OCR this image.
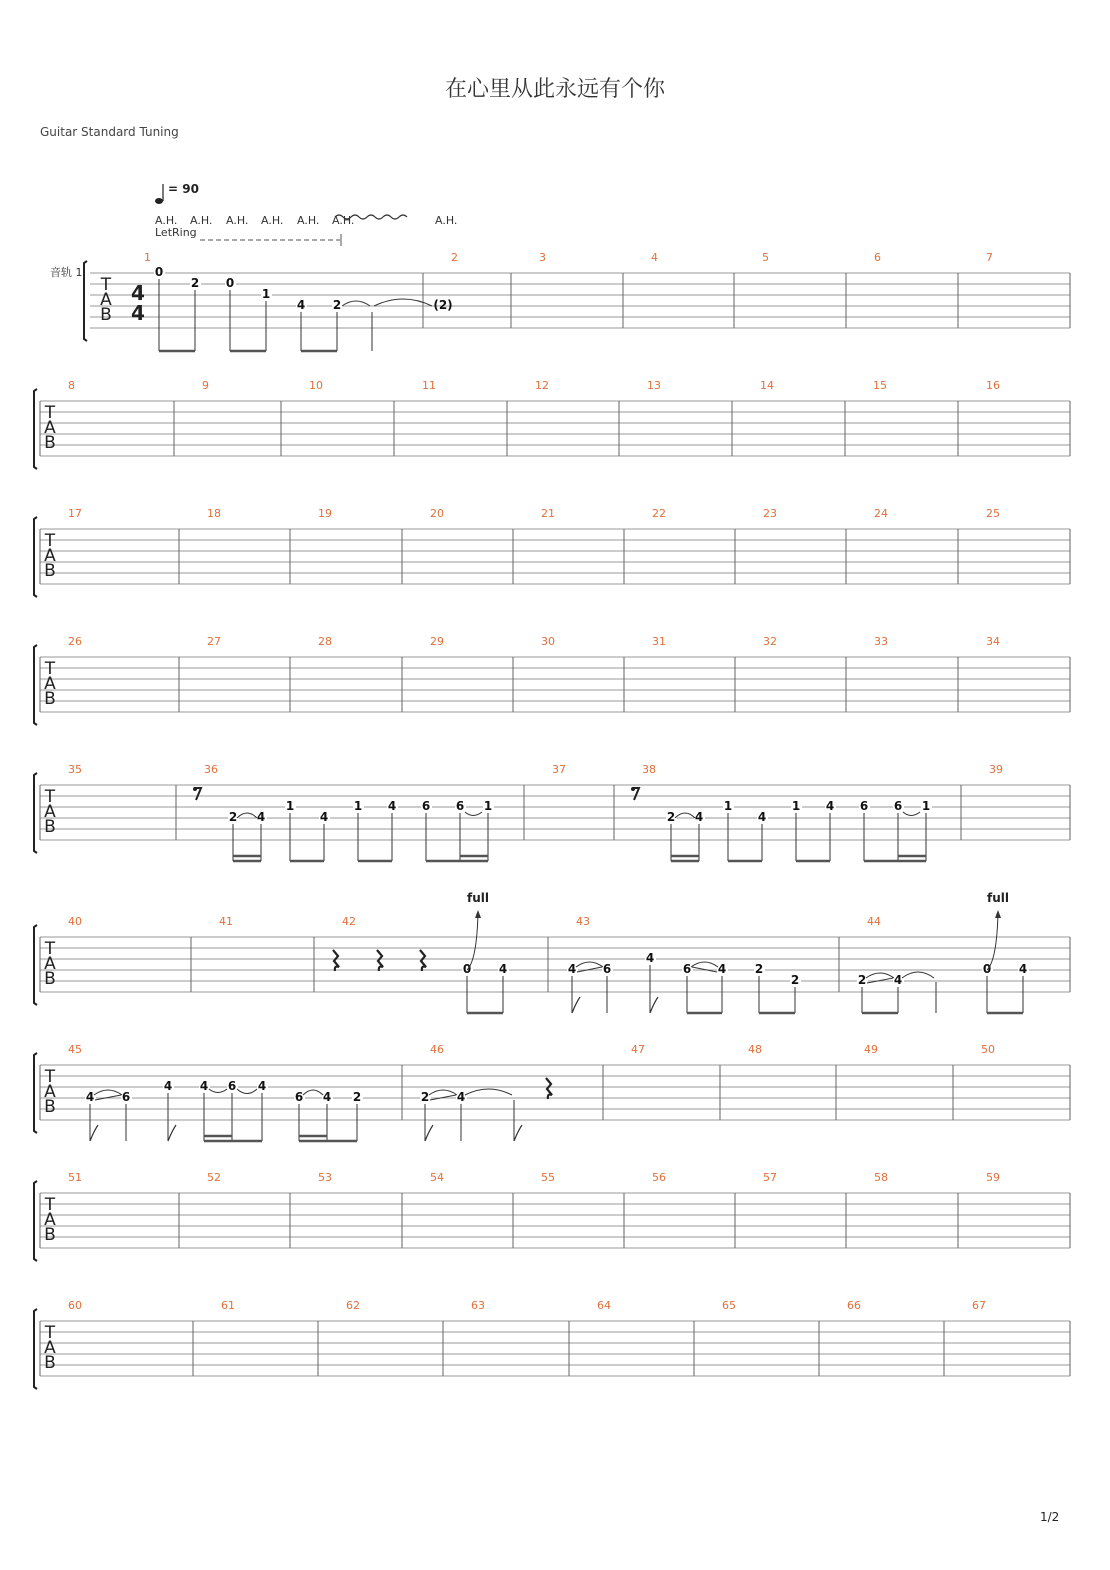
在心里从此永远有个你
Guitar Standard Tuning
1/2
T
A
B
1	2	3	4	5	6	7
T
A
B
8	9	10	11	12	13	14	15	16
T
A
B
17	18	19	20	21	22	23	24	25
T
A
B
26	27	28	29	30	31	32	33	34
T
A
B
35	36	37	38	39
T
A
B
40	41	42	43	44
T
A
B
45	46	47	48	49	50
T
A
B
51	52	53	54	55	56	57	58	59
T
A
B
60	61	62	63	64	65	66	67
音轨 1
4
4
= 90
A.H. A.H. A.H. A.H. A.H. A.H.	A.H.
LetRing
0
2 0
1
4 2	(2)
2 4
1
4
1 4 6 6 1
2 4
1
4
1 4 6 6 1
0 4
full
4 6
4
6 4 2
2	2 4
0 4
full
4 6
4 4 6 4
6 4 2	2 4
